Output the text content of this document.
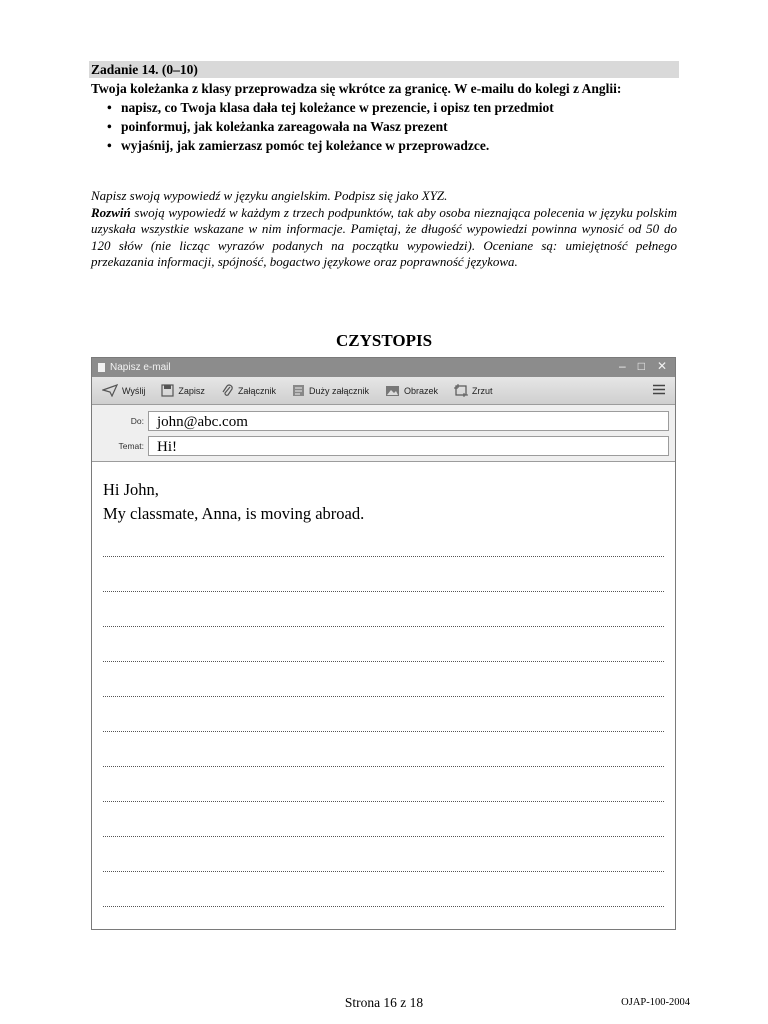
Zadanie 14. (0–10)

Twoja koleżanka z klasy przeprowadza się wkrótce za granicę. W e-mailu do kolegi z Anglii:

• napisz, co Twoja klasa dała tej koleżance w prezencie, i opisz ten przedmiot
• poinformuj, jak koleżanka zareagowała na Wasz prezent
• wyjaśnij, jak zamierzasz pomóc tej koleżance w przeprowadzce.

Napisz swoją wypowiedź w języku angielskim. Podpisz się jako XYZ.

Rozwiń swoją wypowiedź w każdym z trzech podpunktów, tak aby osoba nieznająca polecenia w języku polskim uzyskała wszystkie wskazane w nim informacje. Pamiętaj, że długość wypowiedzi powinna wynosić od 50 do 120 słów (nie licząc wyrazów podanych na początku wypowiedzi). Oceniane są: umiejętność pełnego przekazania informacji, spójność, bogactwo językowe oraz poprawność językowa.

CZYSTOPIS
Napisz e-mail	– □ ✕
Wyślij	Zapisz	Załącznik	Duży załącznik	Obrazek	Zrzut
Do: john@abc.com
Temat: Hi!
Hi John,
My classmate, Anna, is moving abroad.
Strona 16 z 18	OJAP-100-2004
